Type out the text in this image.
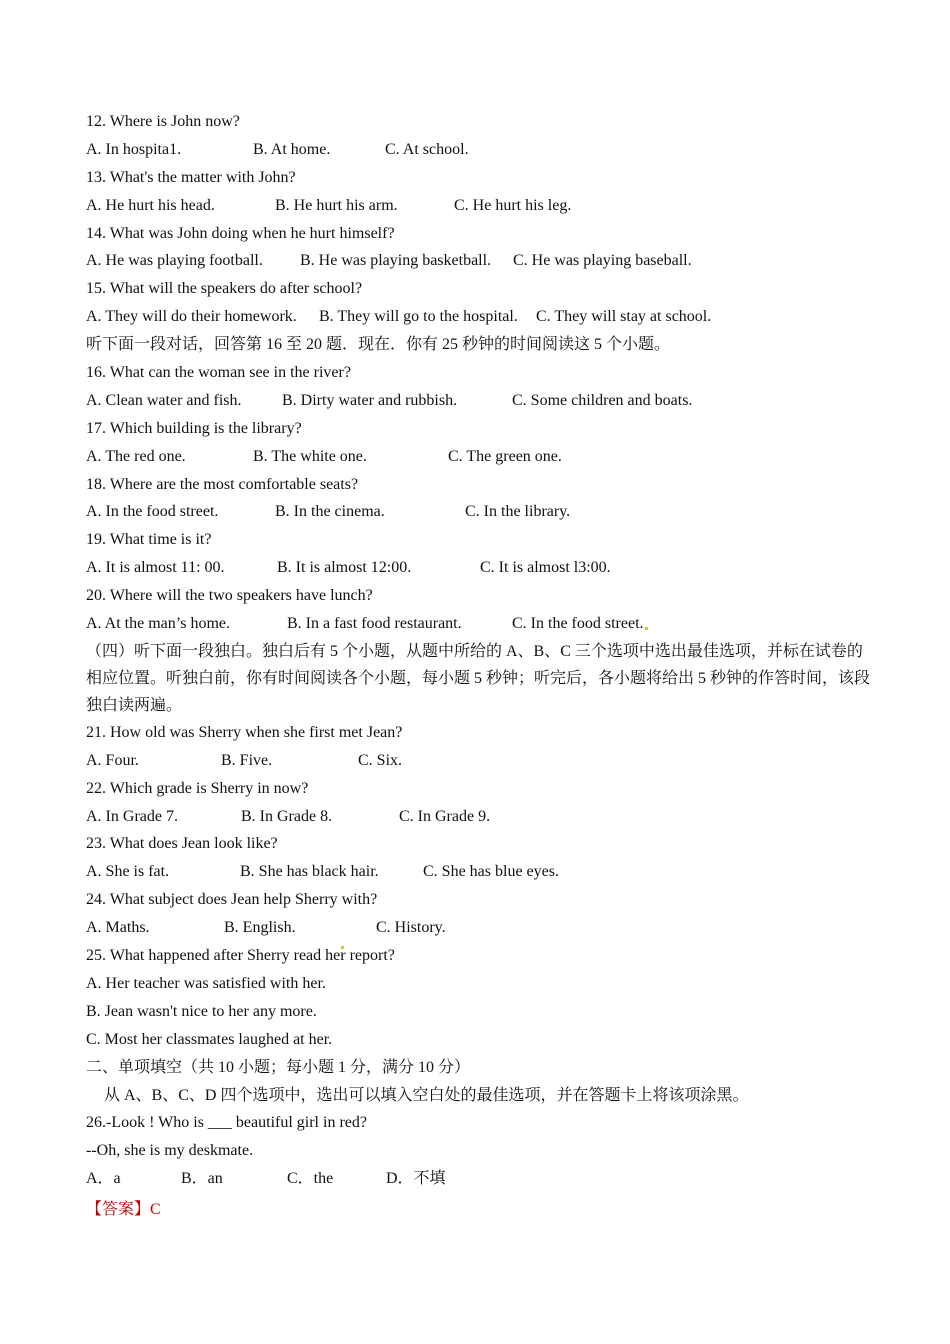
12. Where is John now?
A. In hospita1.	B. At home.	C. At school.
13. What's the matter with John?
A. He hurt his head.	B. He hurt his arm.	C. He hurt his leg.
14. What was John doing when he hurt himself?
A. He was playing football. B. He was playing basketball. C. He was playing baseball.
15. What will the speakers do after school?
A. They will do their homework. B. They will go to the hospital. C. They will stay at school.
听下面一段对话，回答第 16 至 20 题．现在．你有 25 秒钟的时间阅读这 5 个小题。
16. What can the woman see in the river?
A. Clean water and fish.	B. Dirty water and rubbish.	C. Some children and boats.
17. Which building is the library?
A. The red one.	B. The white one.	C. The green one.
18. Where are the most comfortable seats?
A. In the food street.	B. In the cinema.	C. In the library.
19. What time is it?
A. It is almost 11: 00.	B. It is almost 12:00.	C. It is almost l3:00.
20. Where will the two speakers have lunch?
A. At the man’s home.	B. In a fast food restaurant.	C. In the food street.
（四）听下面一段独白。独白后有 5 个小题，从题中所给的 A、B、C 三个选项中选出最佳选项，并标在试卷的相应位置。听独白前，你有时间阅读各个小题，每小题 5 秒钟；听完后，各小题将给出 5 秒钟的作答时间，该段独白读两遍。
21. How old was Sherry when she first met Jean?
A. Four.	B. Five.	C. Six.
22. Which grade is Sherry in now?
A. In Grade 7.	B. In Grade 8.	C. In Grade 9.
23. What does Jean look like?
A. She is fat.	B. She has black hair.	C. She has blue eyes.
24. What subject does Jean help Sherry with?
A. Maths.	B. English.	C. History.
25. What happened after Sherry read her report?
A. Her teacher was satisfied with her.
B. Jean wasn't nice to her any more.
C. Most her classmates laughed at her.
二、单项填空（共 10 小题；每小题 1 分，满分 10 分）
从 A、B、C、D 四个选项中，选出可以填入空白处的最佳选项，并在答题卡上将该项涂黑。
26.-Look ! Who is ___ beautiful girl in red?
--Oh, she is my deskmate.
A．a	B．an	C．the	D．不填
【答案】C
